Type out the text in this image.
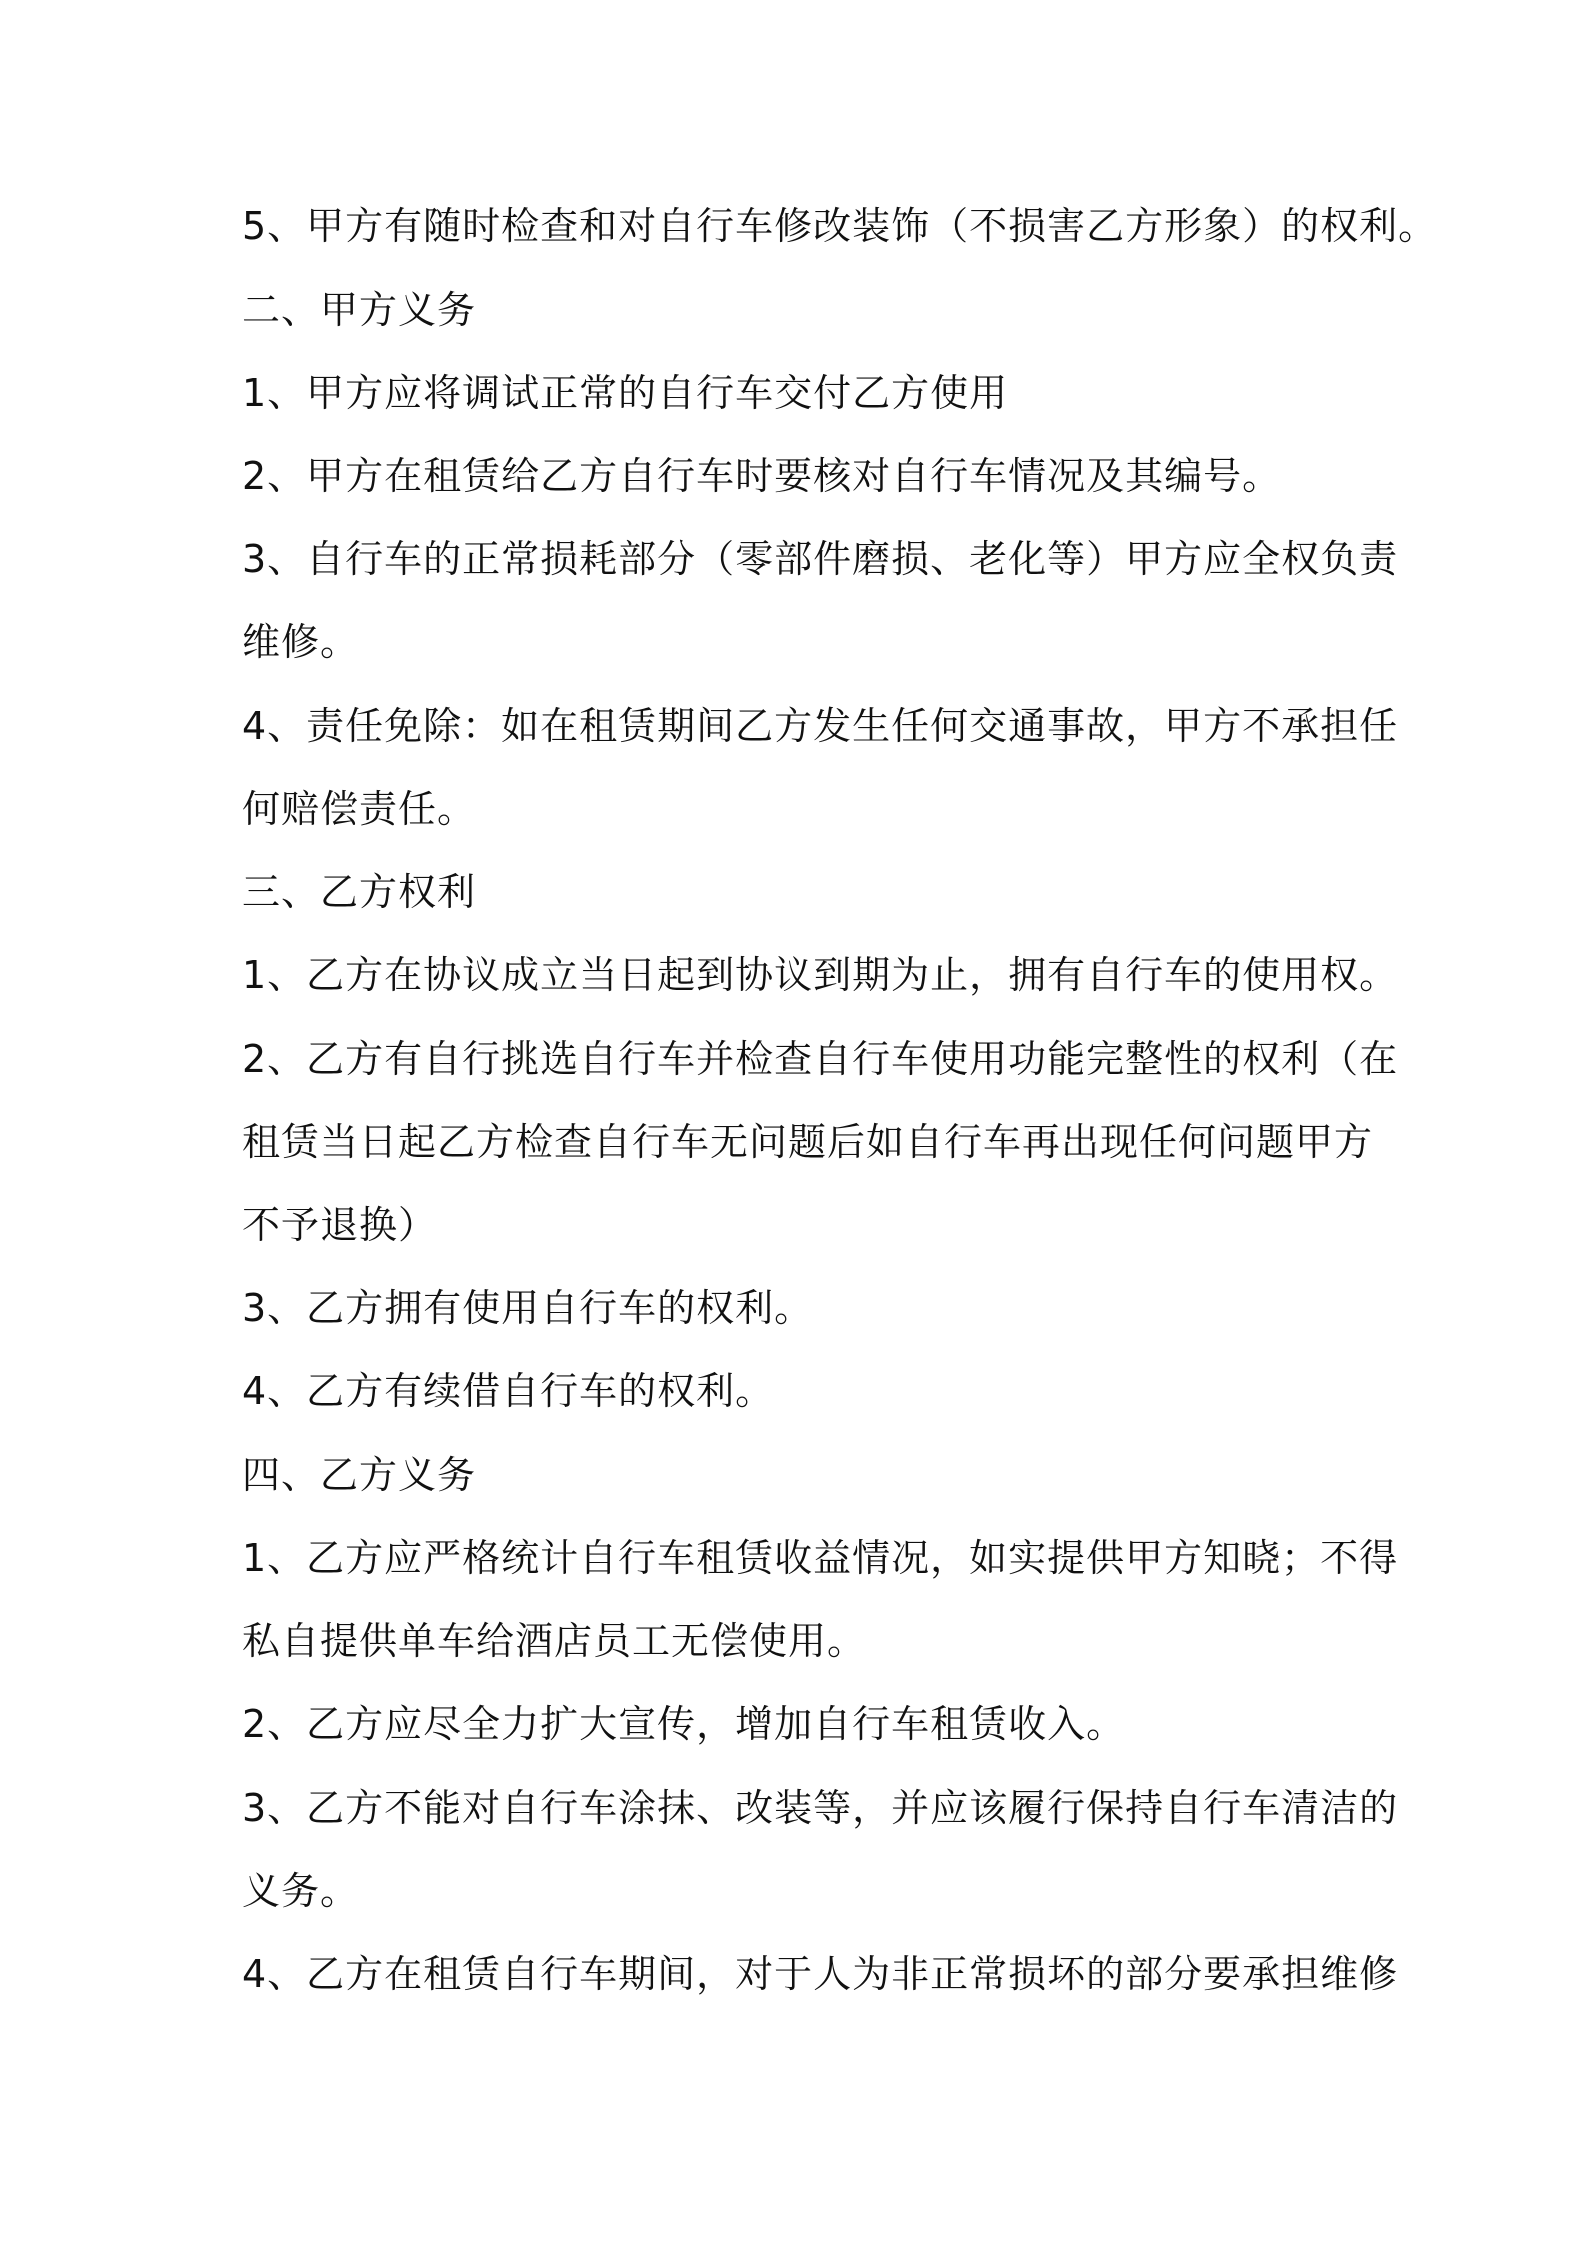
5、甲方有随时检查和对自行车修改装饰（不损害乙方形象）的权利。
二、甲方义务
1、甲方应将调试正常的自行车交付乙方使用
2、甲方在租赁给乙方自行车时要核对自行车情况及其编号。
3、自行车的正常损耗部分（零部件磨损、老化等）甲方应全权负责
维修。
4、责任免除：如在租赁期间乙方发生任何交通事故，甲方不承担任
何赔偿责任。
三、乙方权利
1、乙方在协议成立当日起到协议到期为止，拥有自行车的使用权。
2、乙方有自行挑选自行车并检查自行车使用功能完整性的权利（在
租赁当日起乙方检查自行车无问题后如自行车再出现任何问题甲方
不予退换）
3、乙方拥有使用自行车的权利。
4、乙方有续借自行车的权利。
四、乙方义务
1、乙方应严格统计自行车租赁收益情况，如实提供甲方知晓；不得
私自提供单车给酒店员工无偿使用。
2、乙方应尽全力扩大宣传，增加自行车租赁收入。
3、乙方不能对自行车涂抹、改装等，并应该履行保持自行车清洁的
义务。
4、乙方在租赁自行车期间，对于人为非正常损坏的部分要承担维修
